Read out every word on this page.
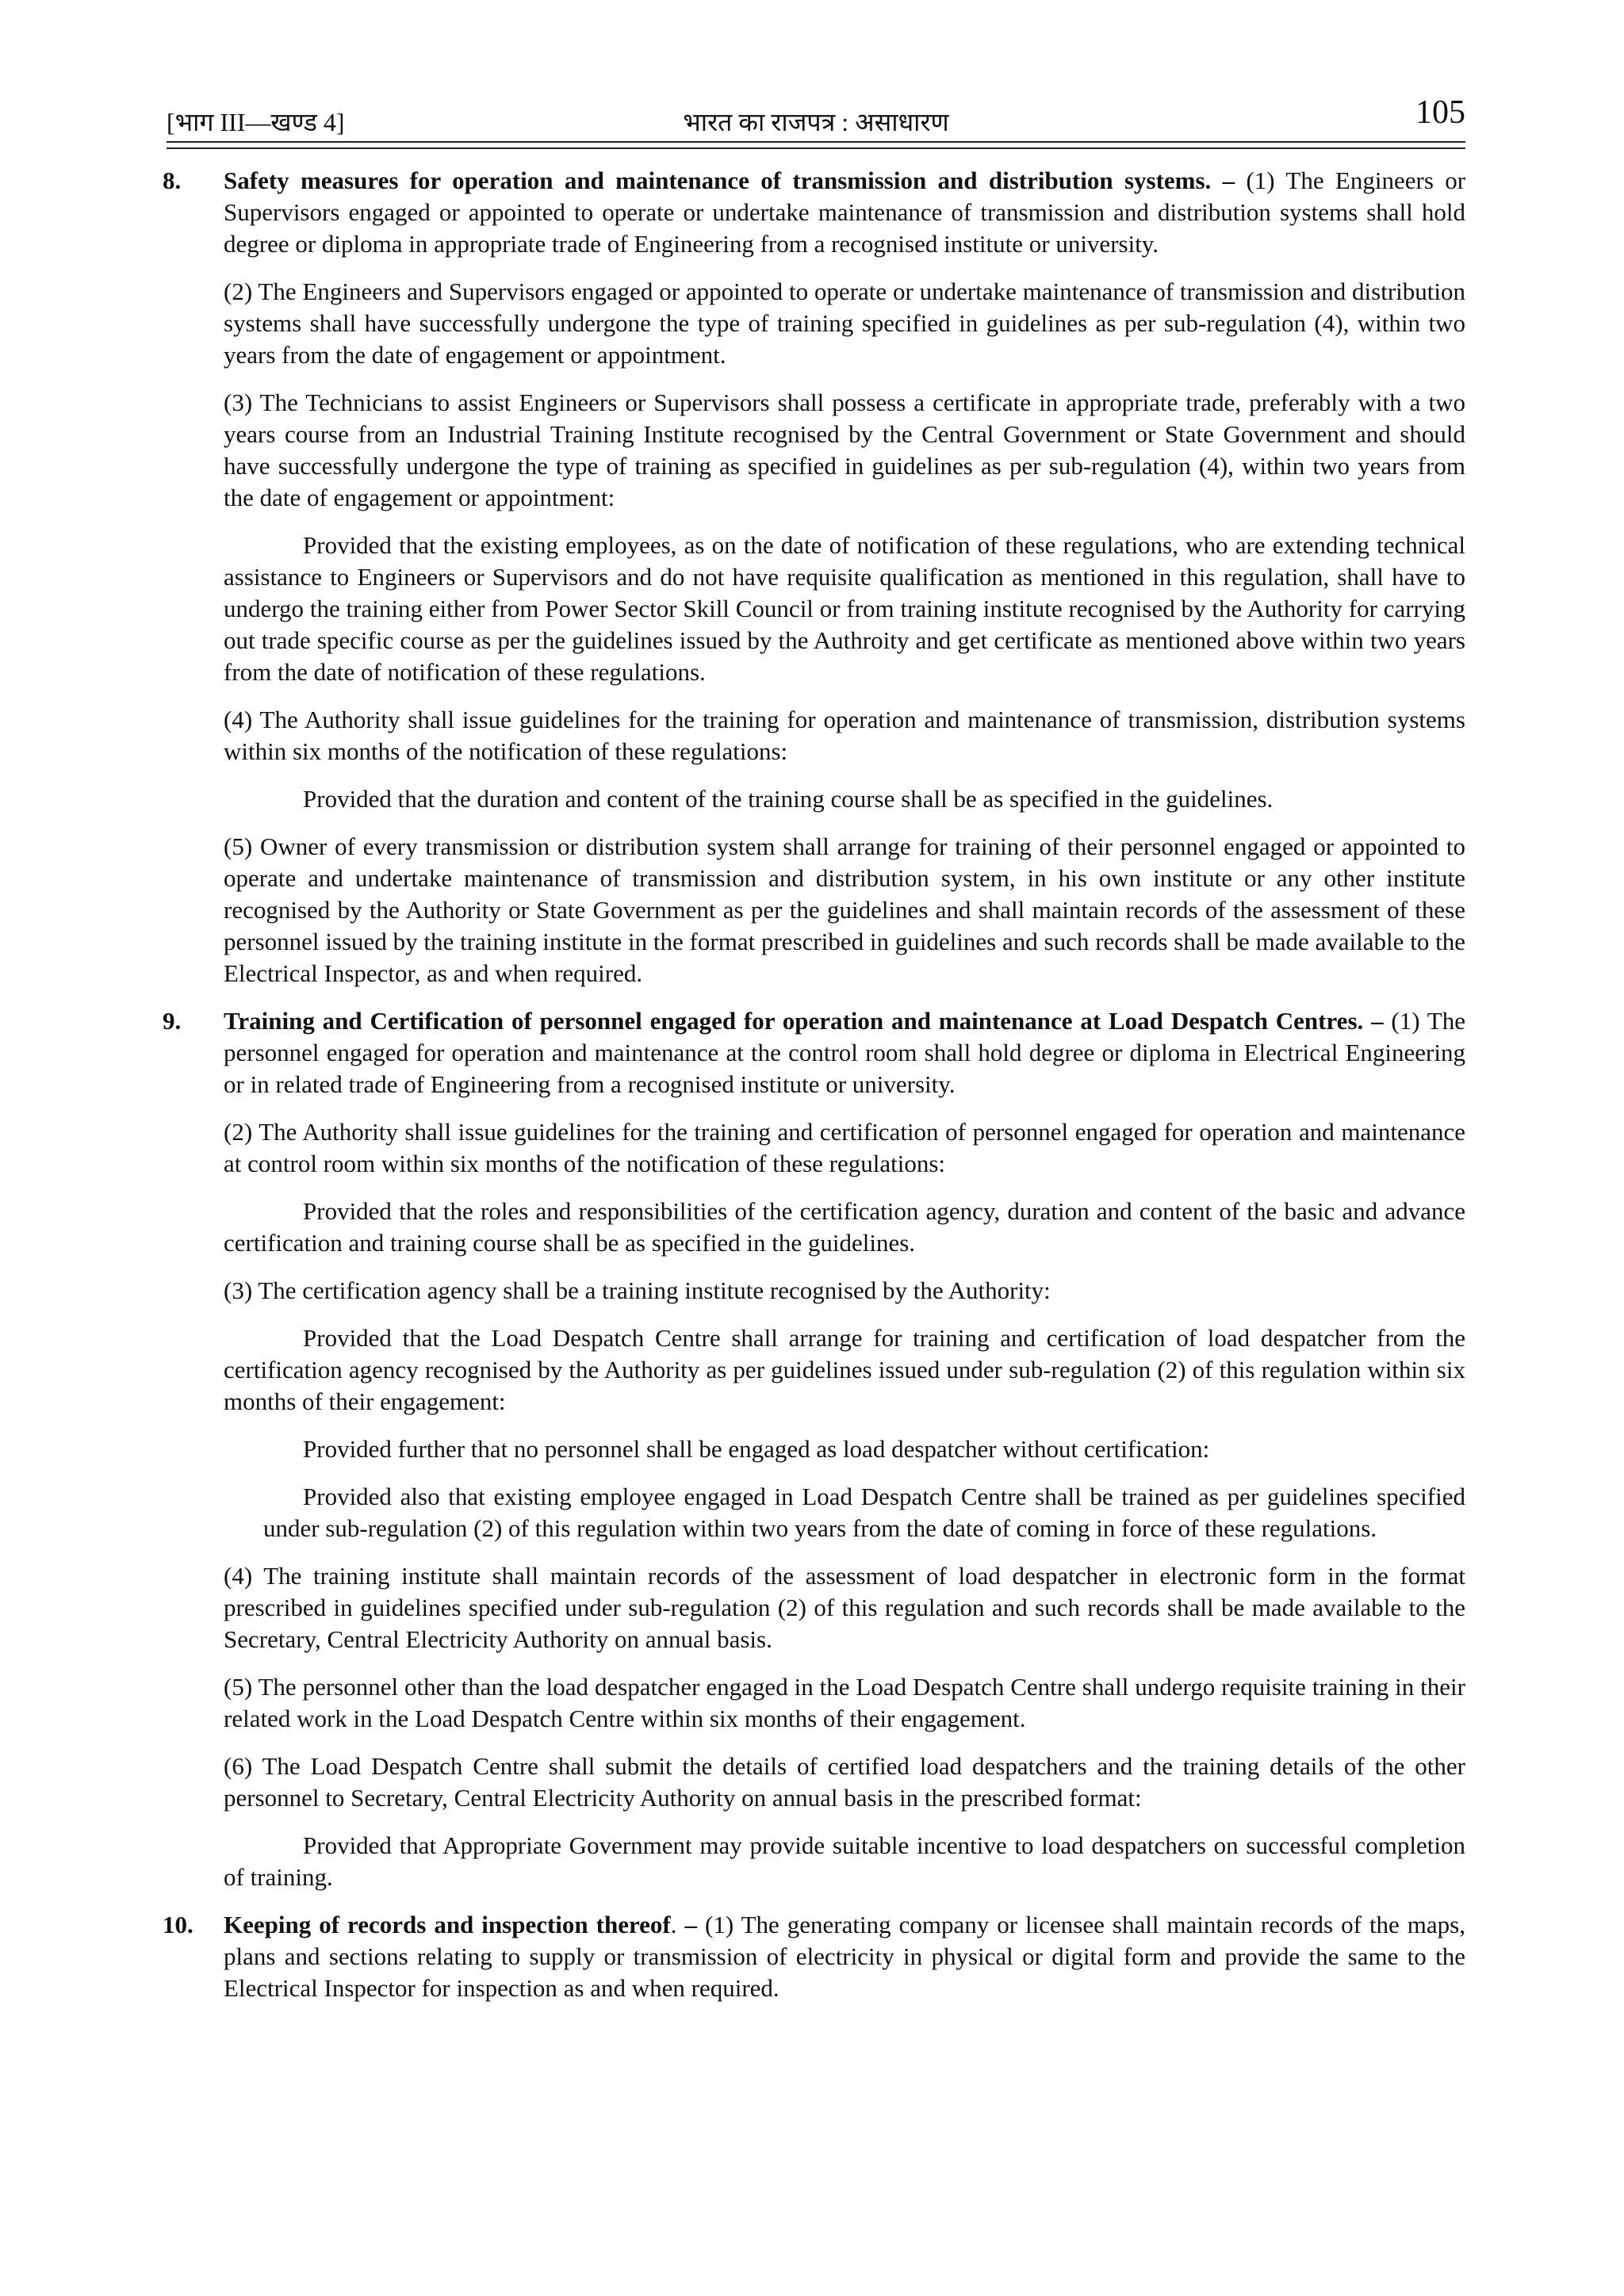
[भाग III—खण्ड 4]	भारत का राजपत्र : असाधारण	105
8. Safety measures for operation and maintenance of transmission and distribution systems. – (1) The Engineers or Supervisors engaged or appointed to operate or undertake maintenance of transmission and distribution systems shall hold degree or diploma in appropriate trade of Engineering from a recognised institute or university.

(2) The Engineers and Supervisors engaged or appointed to operate or undertake maintenance of transmission and distribution systems shall have successfully undergone the type of training specified in guidelines as per sub-regulation (4), within two years from the date of engagement or appointment.

(3) The Technicians to assist Engineers or Supervisors shall possess a certificate in appropriate trade, preferably with a two years course from an Industrial Training Institute recognised by the Central Government or State Government and should have successfully undergone the type of training as specified in guidelines as per sub-regulation (4), within two years from the date of engagement or appointment:

Provided that the existing employees, as on the date of notification of these regulations, who are extending technical assistance to Engineers or Supervisors and do not have requisite qualification as mentioned in this regulation, shall have to undergo the training either from Power Sector Skill Council or from training institute recognised by the Authority for carrying out trade specific course as per the guidelines issued by the Authroity and get certificate as mentioned above within two years from the date of notification of these regulations.

(4) The Authority shall issue guidelines for the training for operation and maintenance of transmission, distribution systems within six months of the notification of these regulations:

Provided that the duration and content of the training course shall be as specified in the guidelines.

(5) Owner of every transmission or distribution system shall arrange for training of their personnel engaged or appointed to operate and undertake maintenance of transmission and distribution system, in his own institute or any other institute recognised by the Authority or State Government as per the guidelines and shall maintain records of the assessment of these personnel issued by the training institute in the format prescribed in guidelines and such records shall be made available to the Electrical Inspector, as and when required.

9. Training and Certification of personnel engaged for operation and maintenance at Load Despatch Centres. – (1) The personnel engaged for operation and maintenance at the control room shall hold degree or diploma in Electrical Engineering or in related trade of Engineering from a recognised institute or university.

(2) The Authority shall issue guidelines for the training and certification of personnel engaged for operation and maintenance at control room within six months of the notification of these regulations:

Provided that the roles and responsibilities of the certification agency, duration and content of the basic and advance certification and training course shall be as specified in the guidelines.

(3) The certification agency shall be a training institute recognised by the Authority:

Provided that the Load Despatch Centre shall arrange for training and certification of load despatcher from the certification agency recognised by the Authority as per guidelines issued under sub-regulation (2) of this regulation within six months of their engagement:

Provided further that no personnel shall be engaged as load despatcher without certification:

Provided also that existing employee engaged in Load Despatch Centre shall be trained as per guidelines specified under sub-regulation (2) of this regulation within two years from the date of coming in force of these regulations.

(4) The training institute shall maintain records of the assessment of load despatcher in electronic form in the format prescribed in guidelines specified under sub-regulation (2) of this regulation and such records shall be made available to the Secretary, Central Electricity Authority on annual basis.

(5) The personnel other than the load despatcher engaged in the Load Despatch Centre shall undergo requisite training in their related work in the Load Despatch Centre within six months of their engagement.

(6) The Load Despatch Centre shall submit the details of certified load despatchers and the training details of the other personnel to Secretary, Central Electricity Authority on annual basis in the prescribed format:

Provided that Appropriate Government may provide suitable incentive to load despatchers on successful completion of training.

10. Keeping of records and inspection thereof. – (1) The generating company or licensee shall maintain records of the maps, plans and sections relating to supply or transmission of electricity in physical or digital form and provide the same to the Electrical Inspector for inspection as and when required.
